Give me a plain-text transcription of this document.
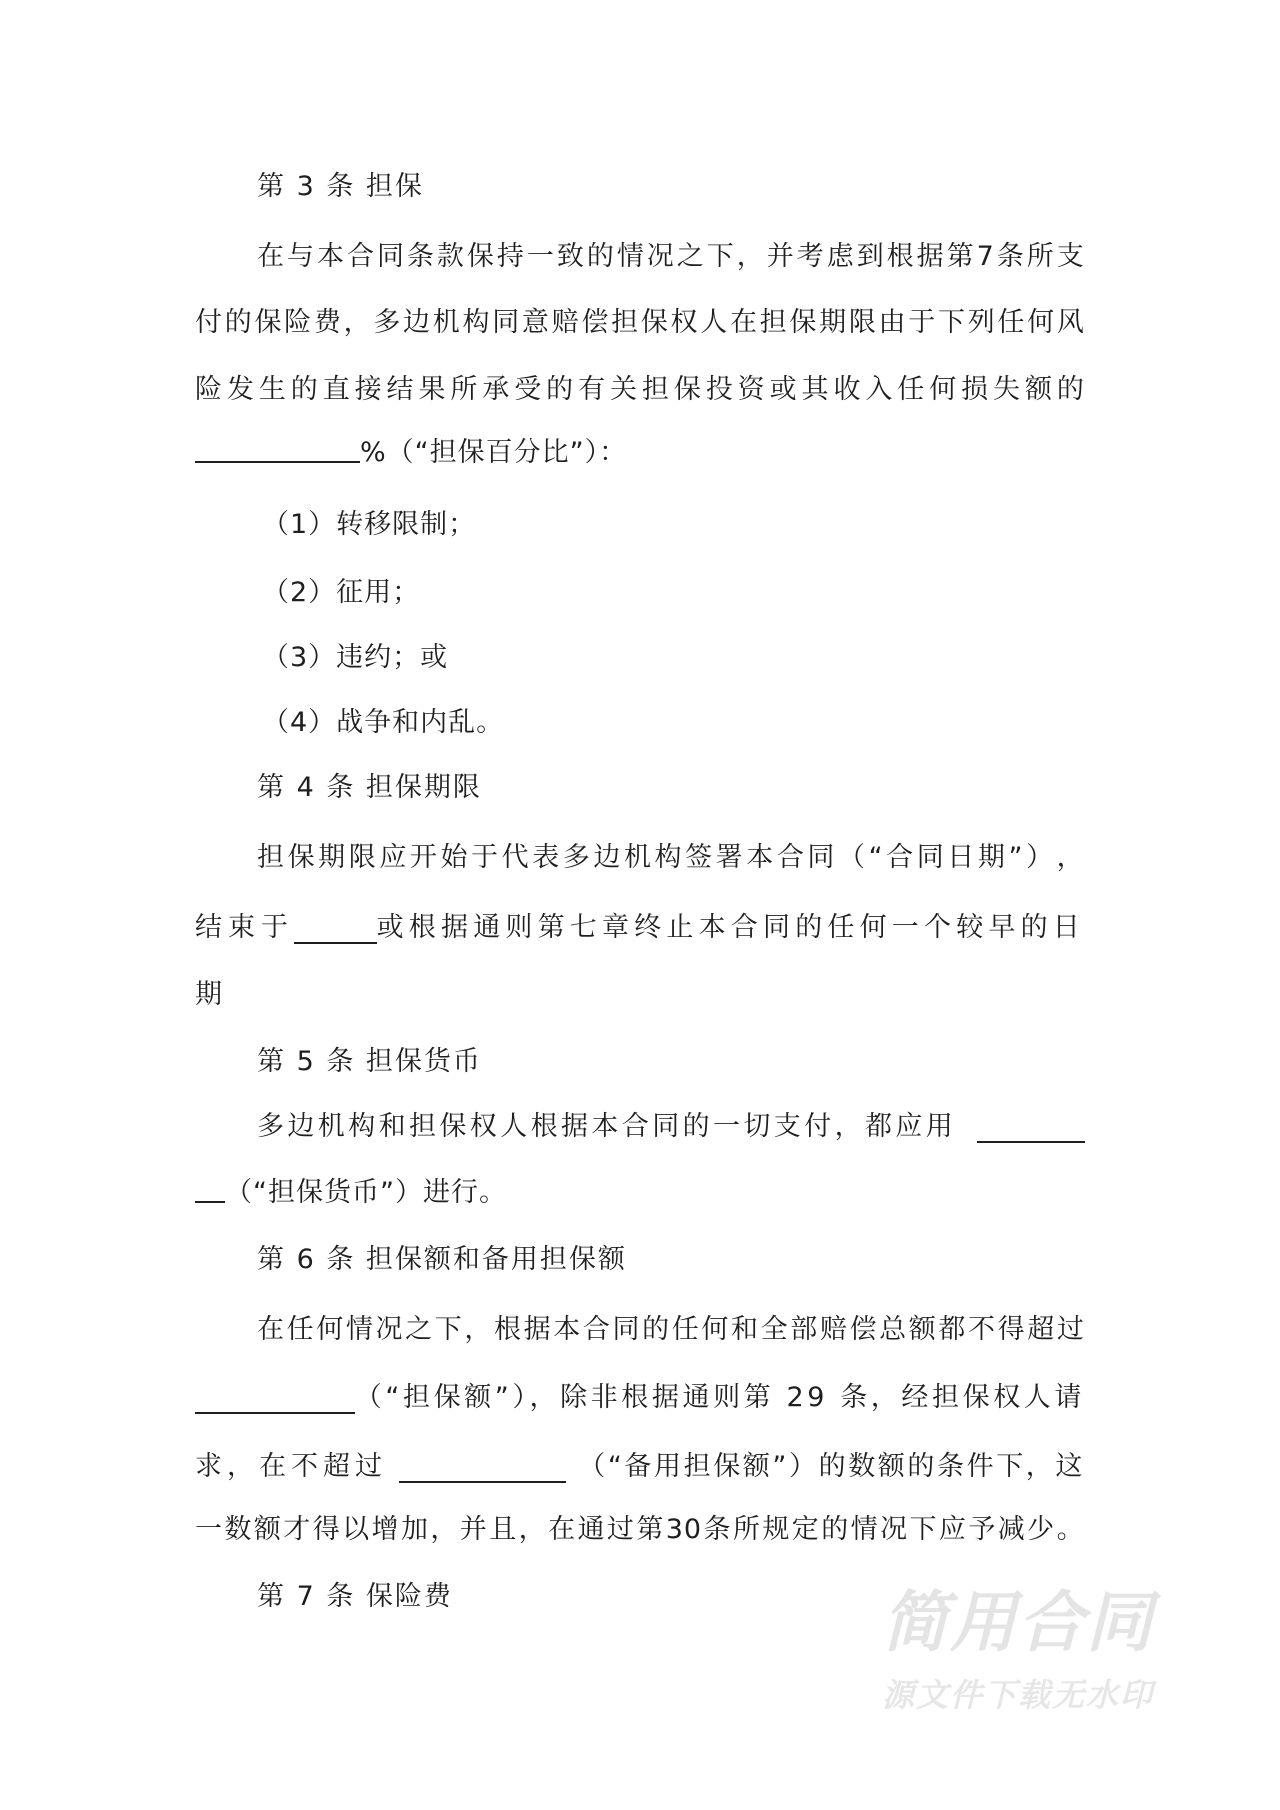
第 3 条 担保
在 与 本 合 同 条 款 保 持 一 致 的 情 况 之 下 ， 并 考 虑 到 根 据 第 7 条 所 支
付 的 保 险 费 ， 多 边 机 构 同 意 赔 偿 担 保 权 人 在 担 保 期 限 由 于 下 列 任 何 风
险 发 生 的 直 接 结 果 所 承 受 的 有 关 担 保 投 资 或 其 收 入 任 何 损 失 额 的
%（“担保百分比”）：
（1）转移限制；
（2）征用；
（3）违约；或
（4）战争和内乱。
第 4 条 担保期限
担 保 期 限 应 开 始 于 代 表 多 边 机 构 签 署 本 合 同 （ “ 合 同 日 期 ” ） ，
结束于	或根据通则第七章终止本合同的任何一个较早的日
期
第 5 条 担保货币
多边机构和担保权人根据本合同的一切支付，都应用
（“担保货币”）进行。
第 6 条 担保额和备用担保额
在 任 何 情 况 之 下 ， 根 据 本 合 同 的 任 何 和 全 部 赔 偿 总 额 都 不 得 超 过
（“担保额”），除非根据通则第 29 条，经担保权人请
求，在不超过	（“备用担保额”）的数额的条件下，这
一 数 额 才 得 以 增 加 ， 并 且 ， 在 通 过 第 30 条 所 规 定 的 情 况 下 应 予 减 少 。
第 7 条 保险费	简用合同
源文件下载无水印
